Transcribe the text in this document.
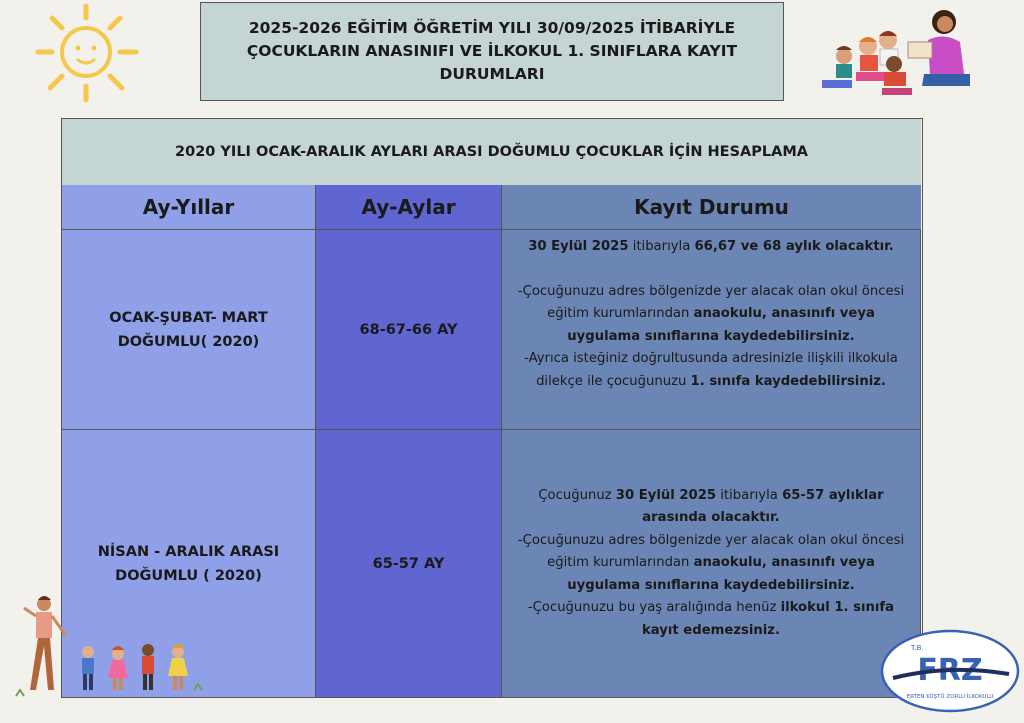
2025-2026 EĞİTİM ÖĞRETİM YILI 30/09/2025 İTİBARİYLE
ÇOCUKLARIN ANASINIFI VE İLKOKUL 1. SINIFLARA KAYIT
DURUMLARI
2020 YILI OCAK-ARALIK AYLARI ARASI DOĞUMLU ÇOCUKLAR İÇİN HESAPLAMA
Ay-Yıllar	Ay-Aylar	Kayıt Durumu
OCAK-ŞUBAT- MART
DOĞUMLU( 2020)
68-67-66 AY
30 Eylül 2025 itibarıyla 66,67 ve 68 aylık olacaktır.
-Çocuğunuzu adres bölgenizde yer alacak olan okul öncesi eğitim kurumlarından anaokulu, anasınıfı veya uygulama sınıflarına kaydedebilirsiniz.
-Ayrıca isteğiniz doğrultusunda adresinizle ilişkili ilkokula dilekçe ile çocuğunuzu 1. sınıfa kaydedebilirsiniz.
NİSAN - ARALIK ARASI
DOĞUMLU ( 2020)
65-57 AY
Çocuğunuz 30 Eylül 2025 itibarıyla 65-57 aylıklar arasında olacaktır.
-Çocuğunuzu adres bölgenizde yer alacak olan okul öncesi eğitim kurumlarından anaokulu, anasınıfı veya uygulama sınıflarına kaydedebilirsiniz.
-Çocuğunuzu bu yaş aralığında henüz ilkokul 1. sınıfa kayıt edemezsiniz.
T.B.
FRZ
ERTEN KÜŞTÜ ZORLU İLKOKULU
